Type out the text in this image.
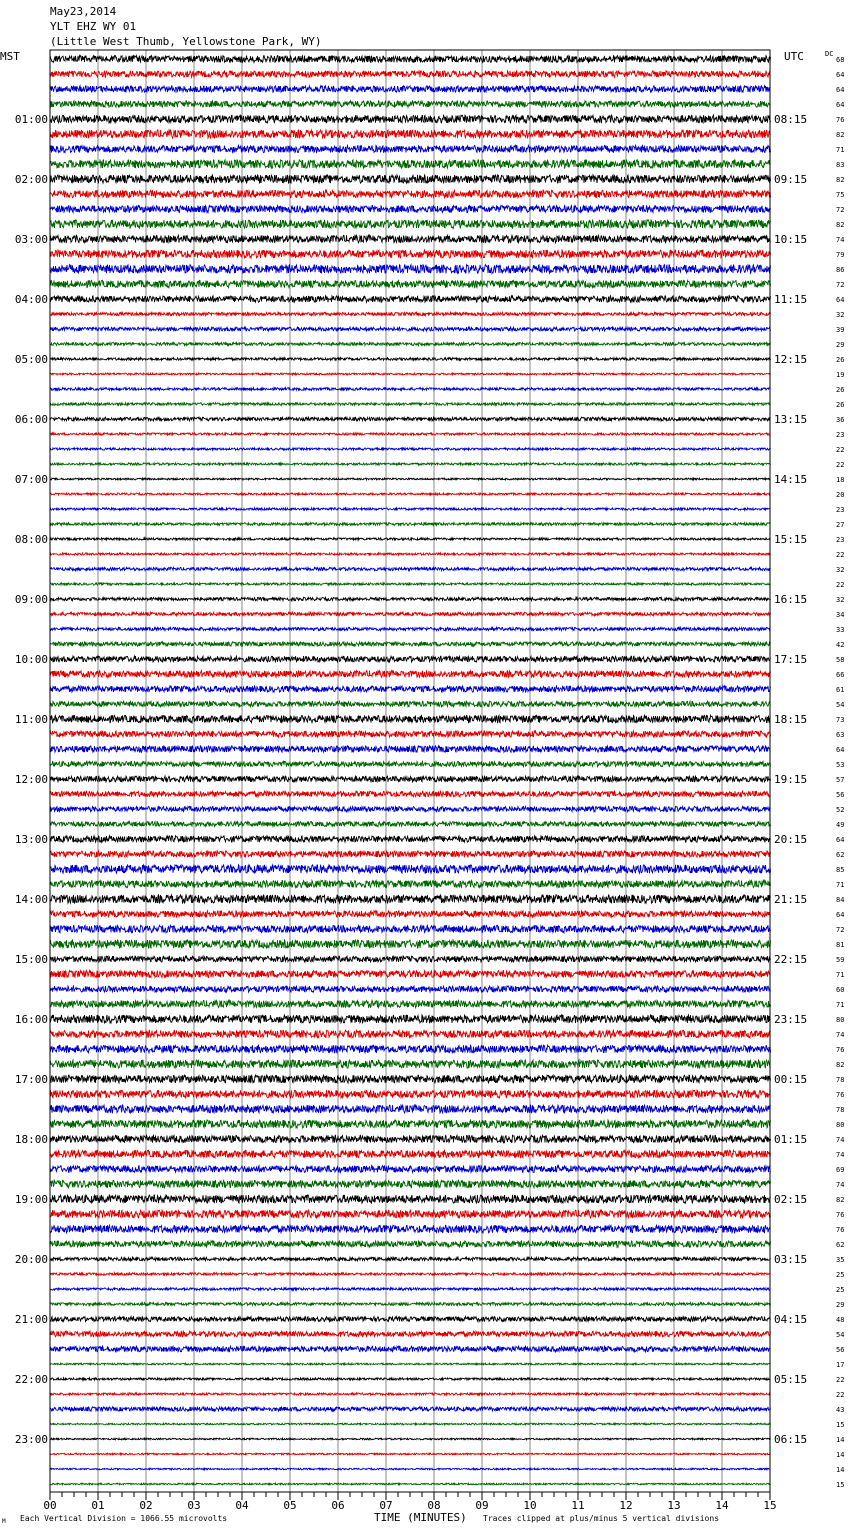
May23,2014
YLT EHZ WY 01
(Little West Thumb, Yellowstone Park, WY)
68
64
64
64
76
01:00	08:15
82
71
83
82
02:00	09:15
75
72
82
74
03:00	10:15
79
86
72
64
04:00	11:15
32
39
29
26
05:00	12:15
19
26
26
36
06:00	13:15
23
22
22
18
07:00	14:15
20
23
27
23
08:00	15:15
22
32
22
32
09:00	16:15
34
33
42
58
10:00	17:15
66
61
54
73
11:00	18:15
63
64
53
57
12:00	19:15
56
52
49
64
13:00	20:15
62
85
71
84
14:00	21:15
64
72
81
59
15:00	22:15
71
60
71
80
16:00	23:15
74
76
82
78
17:00	00:15
76
78
80
74
18:00	01:15
74
69
74
82
19:00	02:15
76
76
62
35
20:00	03:15
25
25
29
48
21:00	04:15
54
56
17
22
22:00	05:15
22
43
15
14
23:00	06:15
14
14
15
MST	UTC	DC
00	01	02	03	04	05	06	07	08	09	10	11	12	13	14	15
M Each Vertical Division = 1066.55 microvolts	TIME (MINUTES) Traces clipped at plus/minus 5 vertical divisions
